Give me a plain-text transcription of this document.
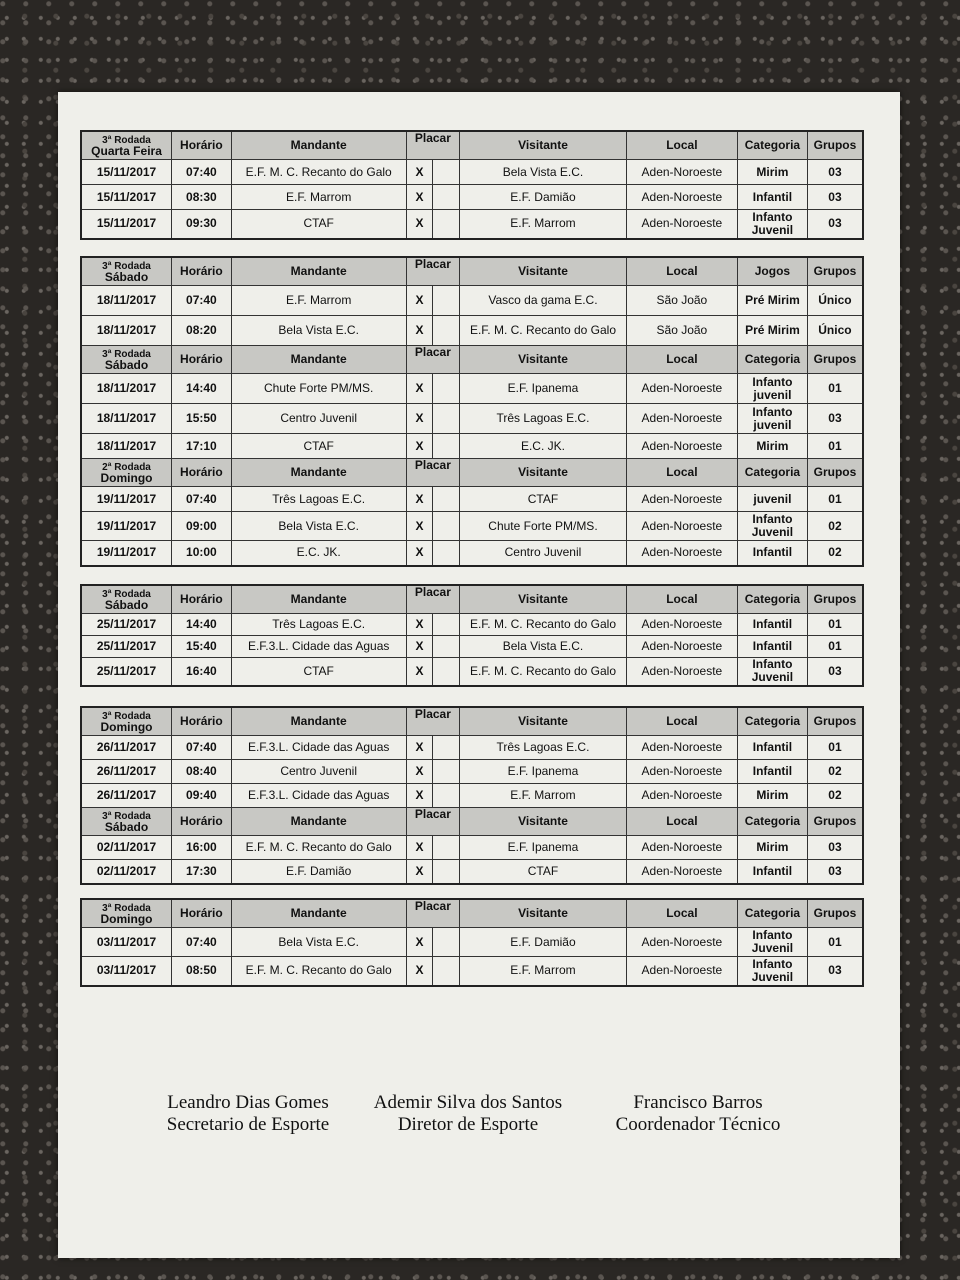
3ª Rodada
Quarta Feira	Horário	Mandante	Placar		Visitante	Local	Categoria	Grupos
15/11/2017	07:40	E.F. M. C. Recanto do Galo	X		Bela Vista E.C.	Aden-Noroeste	Mirim	03
15/11/2017	08:30	E.F. Marrom	X		E.F. Damião	Aden-Noroeste	Infantil	03
15/11/2017	09:30	CTAF	X		E.F. Marrom	Aden-Noroeste	Infanto Juvenil	03
3ª Rodada
Sábado	Horário	Mandante	Placar		Visitante	Local	Jogos	Grupos
18/11/2017	07:40	E.F. Marrom	X		Vasco da gama E.C.	São João	Pré Mirim	Único
18/11/2017	08:20	Bela Vista E.C.	X		E.F. M. C. Recanto do Galo	São João	Pré Mirim	Único

3ª Rodada
Sábado	Horário	Mandante	Placar		Visitante	Local	Categoria	Grupos
18/11/2017	14:40	Chute Forte PM/MS.	X		E.F. Ipanema	Aden-Noroeste	Infanto juvenil	01
18/11/2017	15:50	Centro Juvenil	X		Três Lagoas E.C.	Aden-Noroeste	Infanto juvenil	03
18/11/2017	17:10	CTAF	X		E.C. JK.	Aden-Noroeste	Mirim	01

2ª Rodada
Domingo	Horário	Mandante	Placar		Visitante	Local	Categoria	Grupos
19/11/2017	07:40	Três Lagoas E.C.	X		CTAF	Aden-Noroeste	juvenil	01
19/11/2017	09:00	Bela Vista E.C.	X		Chute Forte PM/MS.	Aden-Noroeste	Infanto Juvenil	02
19/11/2017	10:00	E.C. JK.	X		Centro Juvenil	Aden-Noroeste	Infantil	02
3ª Rodada
Sábado	Horário	Mandante	Placar		Visitante	Local	Categoria	Grupos
25/11/2017	14:40	Três Lagoas E.C.	X		E.F. M. C. Recanto do Galo	Aden-Noroeste	Infantil	01
25/11/2017	15:40	E.F.3.L. Cidade das Aguas	X		Bela Vista E.C.	Aden-Noroeste	Infantil	01
25/11/2017	16:40	CTAF	X		E.F. M. C. Recanto do Galo	Aden-Noroeste	Infanto Juvenil	03
3ª Rodada
Domingo	Horário	Mandante	Placar		Visitante	Local	Categoria	Grupos
26/11/2017	07:40	E.F.3.L. Cidade das Aguas	X		Três Lagoas E.C.	Aden-Noroeste	Infantil	01
26/11/2017	08:40	Centro Juvenil	X		E.F. Ipanema	Aden-Noroeste	Infantil	02
26/11/2017	09:40	E.F.3.L. Cidade das Aguas	X		E.F. Marrom	Aden-Noroeste	Mirim	02

3ª Rodada
Sábado	Horário	Mandante	Placar		Visitante	Local	Categoria	Grupos
02/11/2017	16:00	E.F. M. C. Recanto do Galo	X		E.F. Ipanema	Aden-Noroeste	Mirim	03
02/11/2017	17:30	E.F. Damião	X		CTAF	Aden-Noroeste	Infantil	03
3ª Rodada
Domingo	Horário	Mandante	Placar		Visitante	Local	Categoria	Grupos
03/11/2017	07:40	Bela Vista E.C.	X		E.F. Damião	Aden-Noroeste	Infanto Juvenil	01
03/11/2017	08:50	E.F. M. C. Recanto do Galo	X		E.F. Marrom	Aden-Noroeste	Infanto Juvenil	03
Leandro Dias Gomes
Secretario de Esporte
Ademir Silva dos Santos
Diretor de Esporte
Francisco Barros
Coordenador Técnico
